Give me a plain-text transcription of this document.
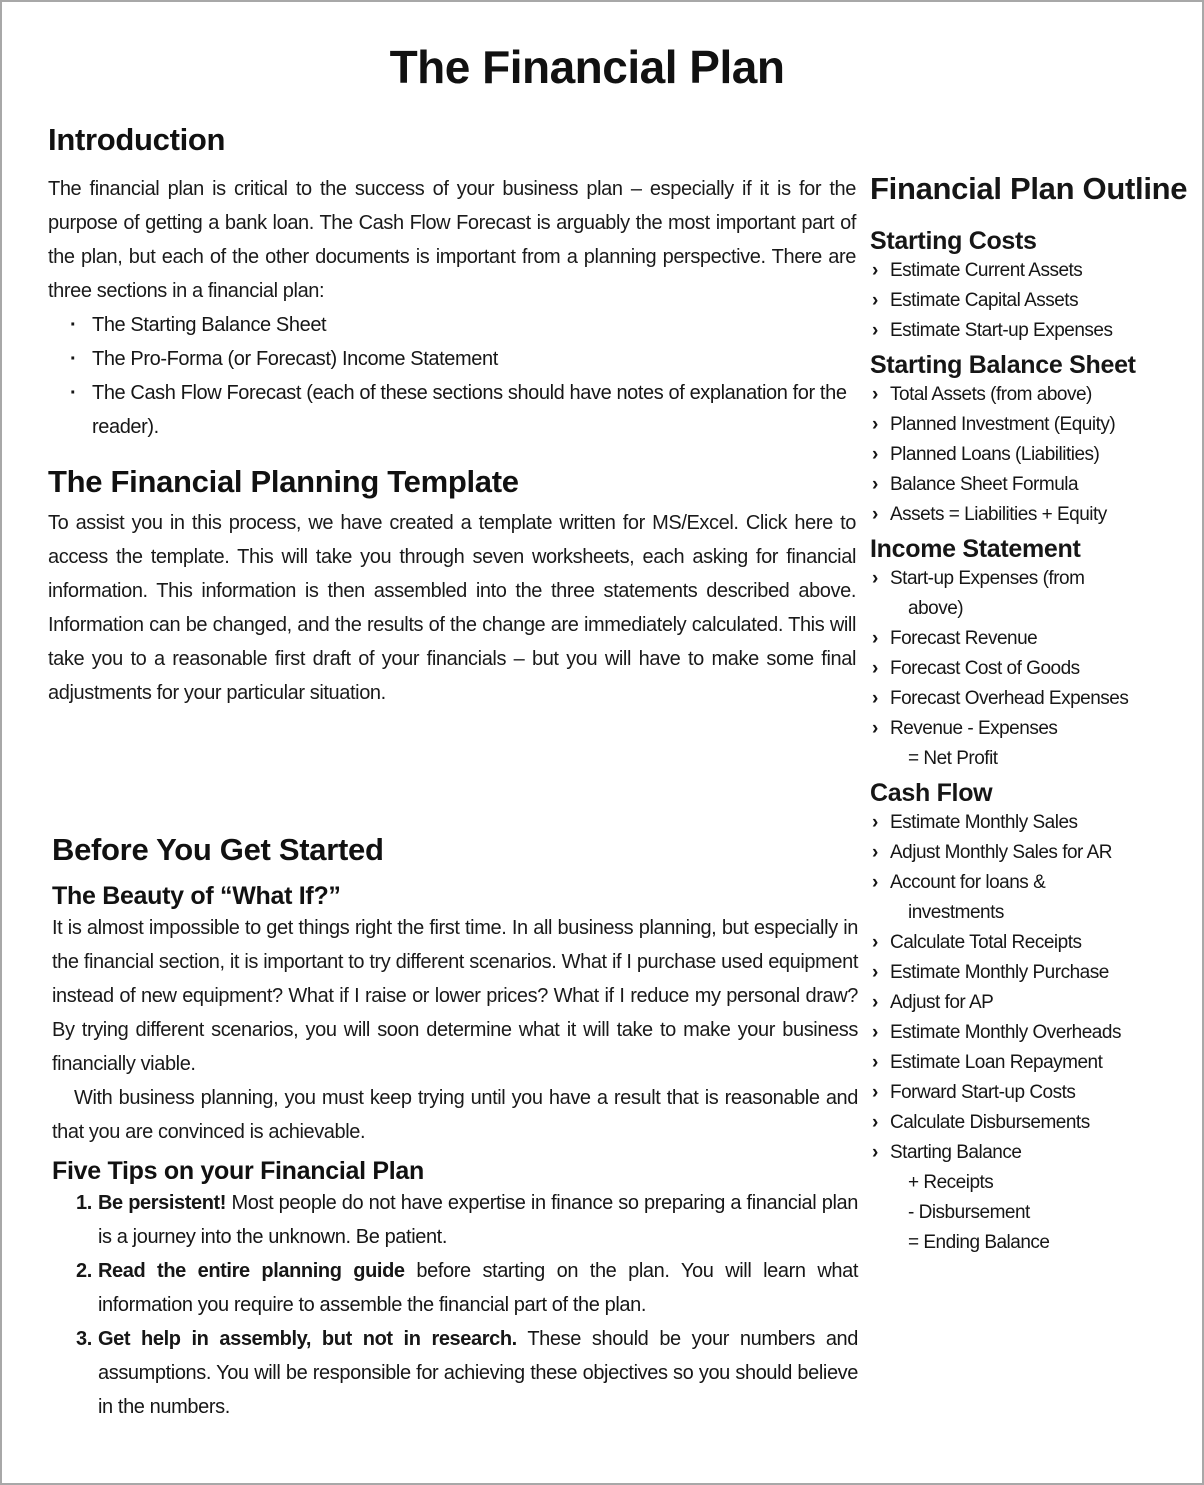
The Financial Plan
Introduction

The financial plan is critical to the success of your business plan – especially if it is for the purpose of getting a bank loan. The Cash Flow Forecast is arguably the most important part of the plan, but each of the other documents is important from a planning perspective. There are three sections in a financial plan:

· The Starting Balance Sheet
· The Pro-Forma (or Forecast) Income Statement
· The Cash Flow Forecast (each of these sections should have notes of explanation for the reader).
The Financial Planning Template

To assist you in this process, we have created a template written for MS/Excel. Click here to access the template. This will take you through seven worksheets, each asking for financial information. This information is then assembled into the three statements described above. Information can be changed, and the results of the change are immediately calculated. This will take you to a reasonable first draft of your financials – but you will have to make some final adjustments for your particular situation.

Before You Get Started
The Beauty of “What If?”

It is almost impossible to get things right the first time. In all business planning, but especially in the financial section, it is important to try different scenarios. What if I purchase used equipment instead of new equipment? What if I raise or lower prices? What if I reduce my personal draw? By trying different scenarios, you will soon determine what it will take to make your business financially viable.

With business planning, you must keep trying until you have a result that is reasonable and that you are convinced is achievable.

Five Tips on your Financial Plan
1. Be persistent! Most people do not have expertise in finance so preparing a financial plan is a journey into the unknown. Be patient.
2. Read the entire planning guide before starting on the plan. You will learn what information you require to assemble the financial part of the plan.
3. Get help in assembly, but not in research. These should be your numbers and assumptions. You will be responsible for achieving these objectives so you should believe in the numbers.
Financial Plan Outline
Starting Costs
› Estimate Current Assets
› Estimate Capital Assets
› Estimate Start-up Expenses
Starting Balance Sheet
› Total Assets (from above)
› Planned Investment (Equity)
› Planned Loans (Liabilities)
› Balance Sheet Formula
› Assets = Liabilities + Equity
Income Statement
› Start-up Expenses (from
above)
› Forecast Revenue
› Forecast Cost of Goods
› Forecast Overhead Expenses
› Revenue - Expenses
= Net Profit
Cash Flow
› Estimate Monthly Sales
› Adjust Monthly Sales for AR
› Account for loans &
investments
› Calculate Total Receipts
› Estimate Monthly Purchase
› Adjust for AP
› Estimate Monthly Overheads
› Estimate Loan Repayment
› Forward Start-up Costs
› Calculate Disbursements
› Starting Balance
+ Receipts
- Disbursement
= Ending Balance
